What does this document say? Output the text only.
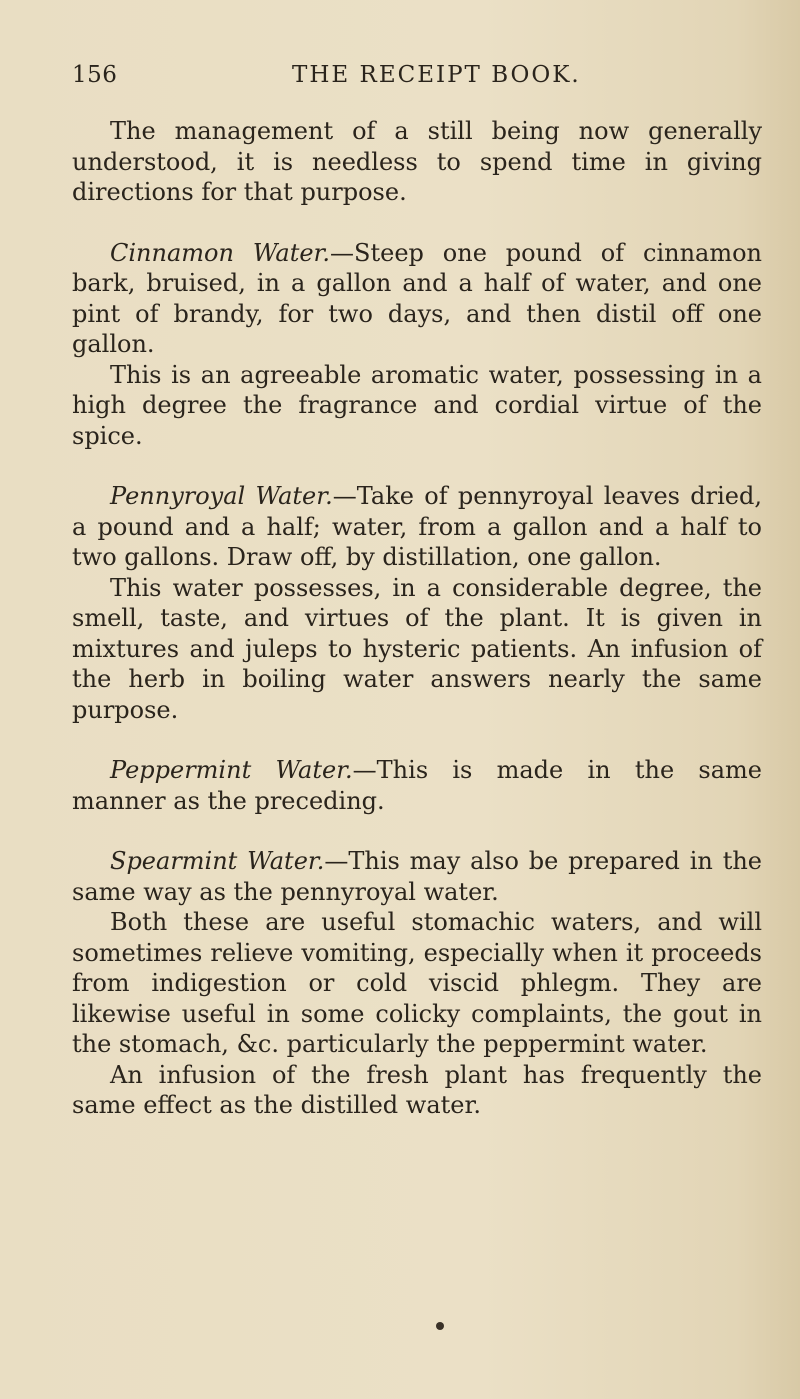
156	THE RECEIPT BOOK.

The management of a still being now generally understood, it is needless to spend time in giving directions for that purpose.

Cinnamon Water.—Steep one pound of cinnamon bark, bruised, in a gallon and a half of water, and one pint of brandy, for two days, and then distil off one gallon.

This is an agreeable aromatic water, possessing in a high degree the fragrance and cordial virtue of the spice.

Pennyroyal Water.—Take of pennyroyal leaves dried, a pound and a half; water, from a gallon and a half to two gallons. Draw off, by distillation, one gallon.

This water possesses, in a considerable degree, the smell, taste, and virtues of the plant. It is given in mixtures and juleps to hysteric patients. An infusion of the herb in boiling water answers nearly the same purpose.

Peppermint Water.—This is made in the same manner as the preceding.

Spearmint Water.—This may also be prepared in the same way as the pennyroyal water.

Both these are useful stomachic waters, and will sometimes relieve vomiting, especially when it proceeds from indigestion or cold viscid phlegm. They are likewise useful in some colicky complaints, the gout in the stomach, &c. particularly the peppermint water.

An infusion of the fresh plant has frequently the same effect as the distilled water.
